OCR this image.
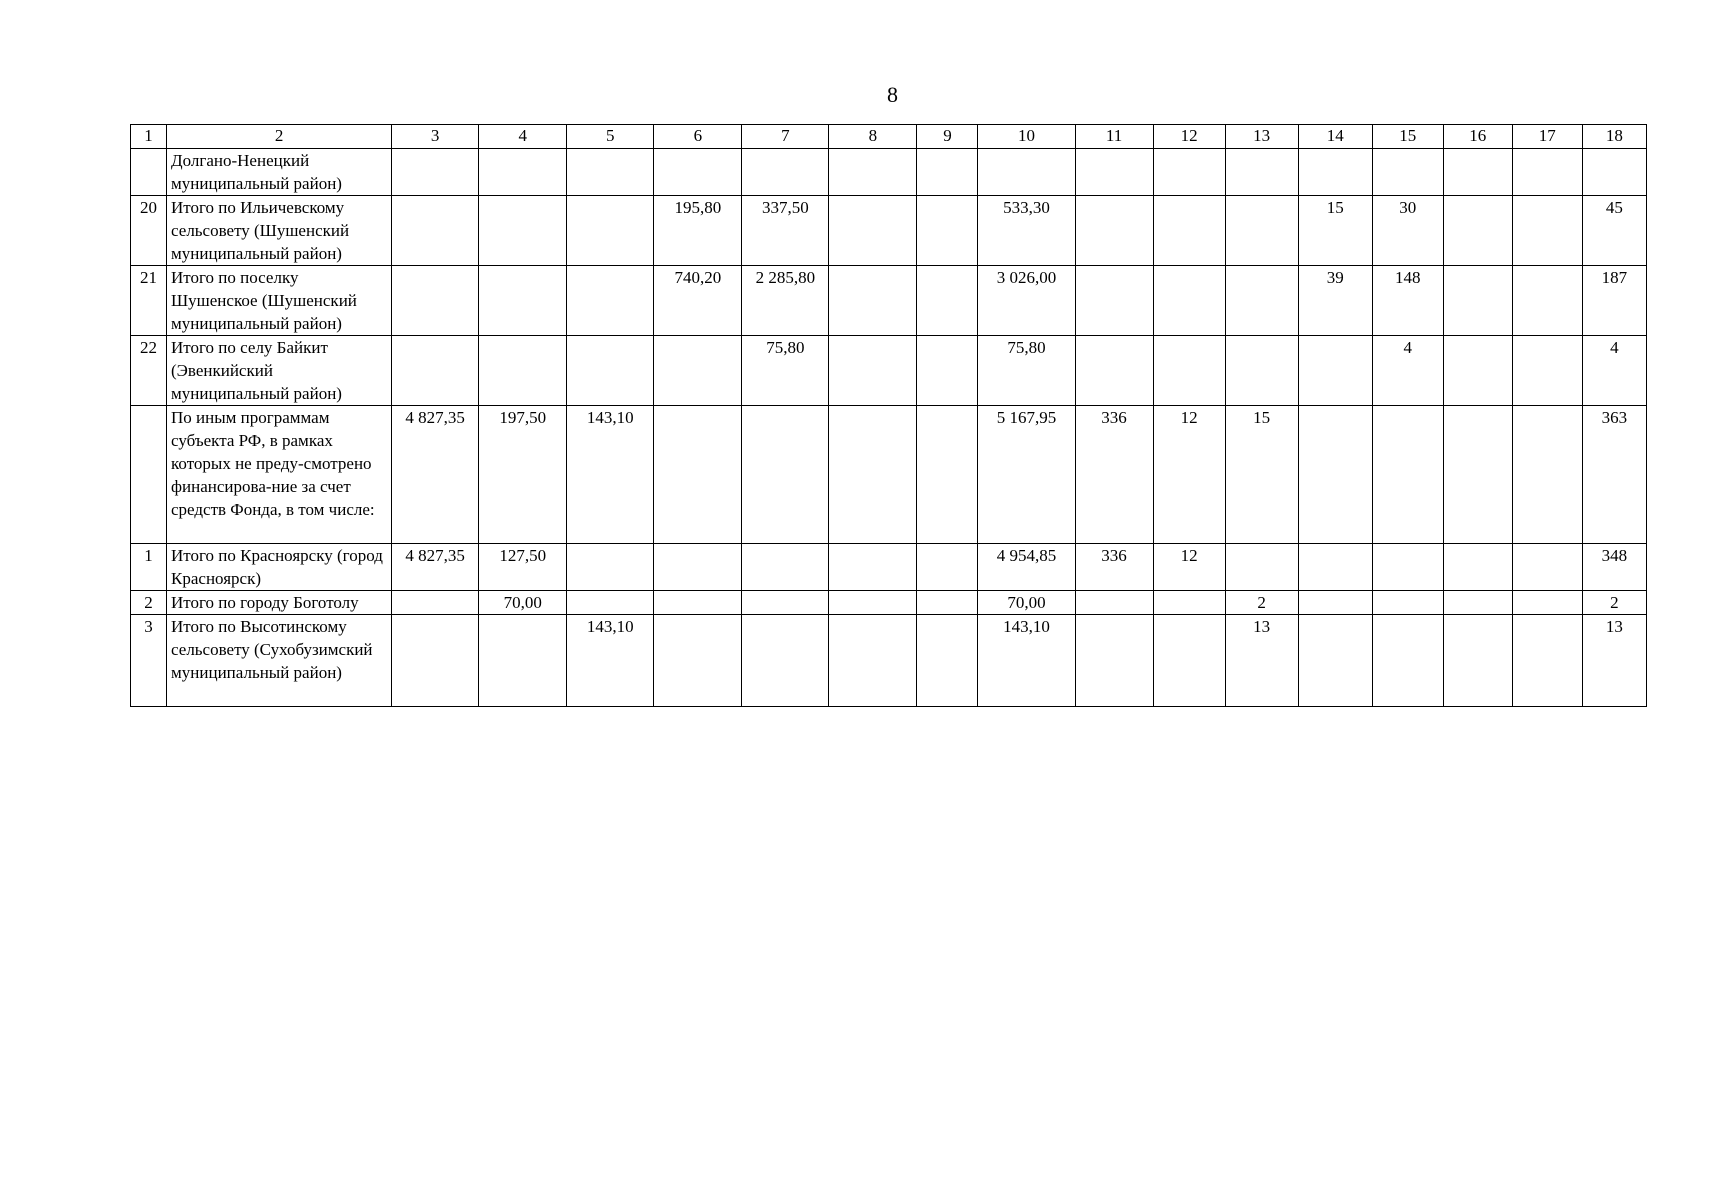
8
1	2	3	4	5	6	7	8	9	10	11	12	13	14	15	16	17	18
	Долгано-Ненецкий муниципальный район)																
20	Итого по Ильичевскому сельсовету (Шушенский муниципальный район)				195,80	337,50			533,30				15	30			45
21	Итого по поселку Шушенское (Шушенский муниципальный район)				740,20	2 285,80			3 026,00				39	148			187
22	Итого по селу Байкит (Эвенкийский муниципальный район)					75,80			75,80					4			4
	По иным программам субъекта РФ, в рамках которых не преду-смотрено финансирова-ние за счет средств Фонда, в том числе:	4 827,35	197,50	143,10					5 167,95	336	12	15					363
1	Итого по Красноярску (город Красноярск)	4 827,35	127,50						4 954,85	336	12						348
2	Итого по городу Боготолу		70,00						70,00			2					2
3	Итого по Высотинскому сельсовету (Сухобузимский муниципальный район)			143,10					143,10			13					13
